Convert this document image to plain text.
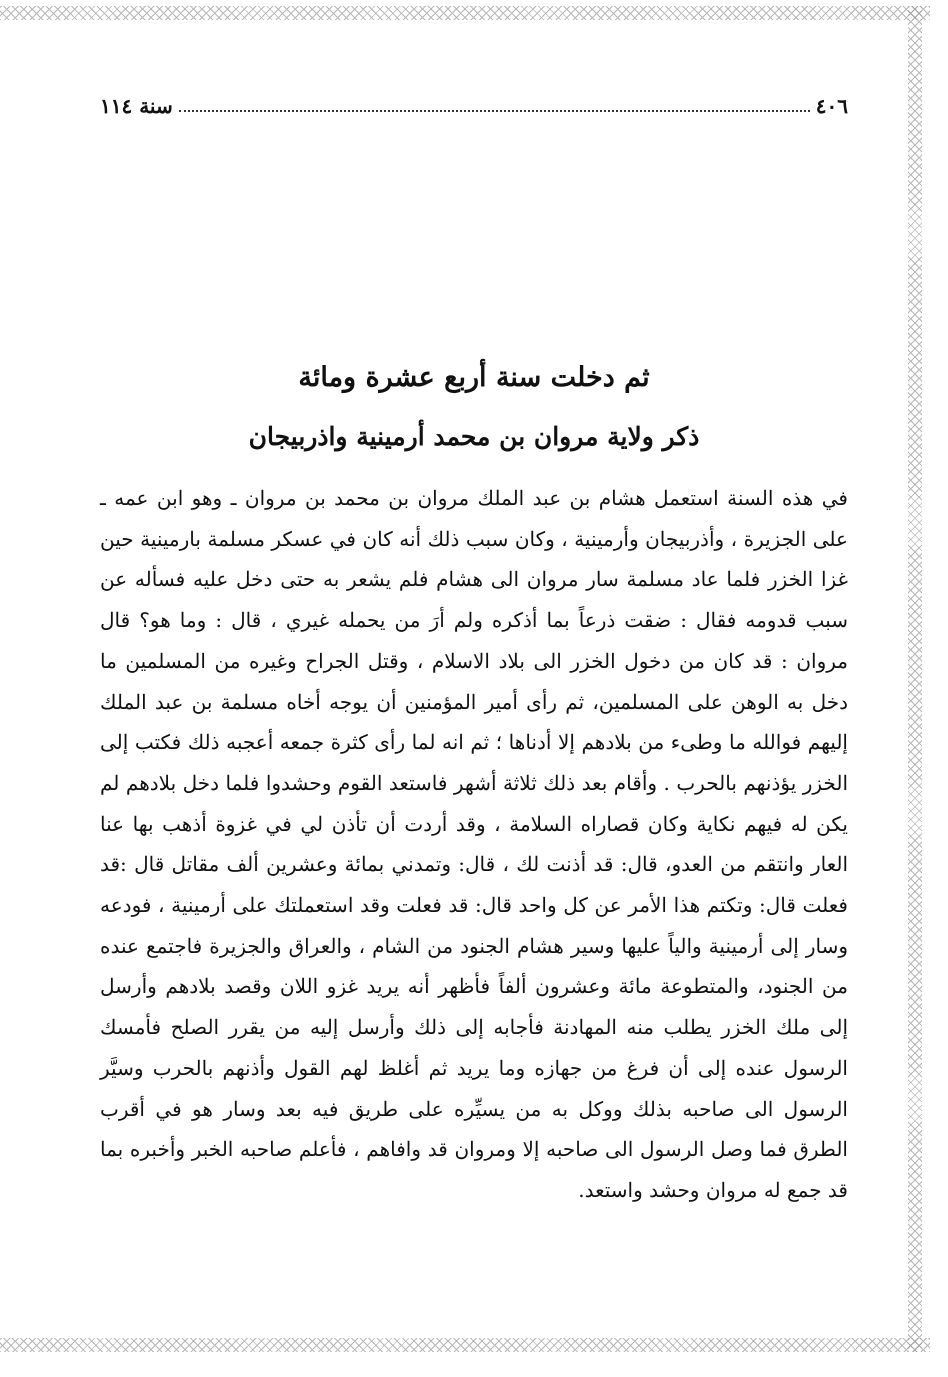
٤٠٦
سنة ١١٤
ثم دخلت سنة أربع عشرة ومائة
ذكر ولاية مروان بن محمد أرمينية واذربيجان

في هذه السنة استعمل هشام بن عبد الملك مروان بن محمد بن مروان ـ وهو ابن عمه ـ على الجزيرة ، وأذربيجان وأرمينية ، وكان سبب ذلك أنه كان في عسكر مسلمة بارمينية حين غزا الخزر فلما عاد مسلمة سار مروان الى هشام فلم يشعر به حتى دخل عليه فسأله عن سبب قدومه فقال : ضقت ذرعاً بما أذكره ولم أرَ من يحمله غيري ، قال : وما هو؟ قال مروان : قد كان من دخول الخزر الى بلاد الاسلام ، وقتل الجراح وغيره من المسلمين ما دخل به الوهن على المسلمين، ثم رأى أمير المؤمنين أن يوجه أخاه مسلمة بن عبد الملك إليهم فوالله ما وطىء من بلادهم إلا أدناها ؛ ثم انه لما رأى كثرة جمعه أعجبه ذلك فكتب إلى الخزر يؤذنهم بالحرب . وأقام بعد ذلك ثلاثة أشهر فاستعد القوم وحشدوا فلما دخل بلادهم لم يكن له فيهم نكاية وكان قصاراه السلامة ، وقد أردت أن تأذن لي في غزوة أذهب بها عنا العار وانتقم من العدو، قال: قد أذنت لك ، قال: وتمدني بمائة وعشرين ألف مقاتل قال :قد فعلت قال: وتكتم هذا الأمر عن كل واحد قال: قد فعلت وقد استعملتك على أرمينية ، فودعه وسار إلى أرمينية والياً عليها وسير هشام الجنود من الشام ، والعراق والجزيرة فاجتمع عنده من الجنود، والمتطوعة مائة وعشرون ألفاً فأظهر أنه يريد غزو اللان وقصد بلادهم وأرسل إلى ملك الخزر يطلب منه المهادنة فأجابه إلى ذلك وأرسل إليه من يقرر الصلح فأمسك الرسول عنده إلى أن فرغ من جهازه وما يريد ثم أغلظ لهم القول وأذنهم بالحرب وسيَّر الرسول الى صاحبه بذلك ووكل به من يسيِّره على طريق فيه بعد وسار هو في أقرب الطرق فما وصل الرسول الى صاحبه إلا ومروان قد وافاهم ، فأعلم صاحبه الخبر وأخبره بما قد جمع له مروان وحشد واستعد.
